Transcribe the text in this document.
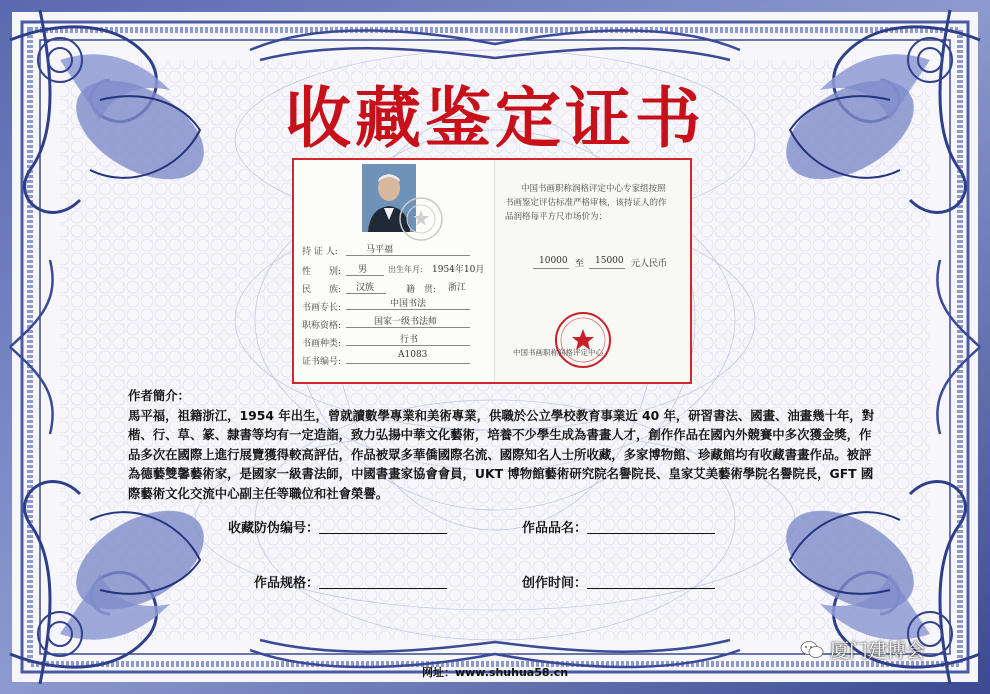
收藏鉴定证书
持 证 人:	马平福
性　　别: 男	出生年月: 1954年10月
民　　族: 汉族	籍　贯: 浙江
书画专长:	中国书法
职称资格:	国家一级书法师
书画种类:	行书
证书编号:
A1083
中国书画职称润格评定中心专家组按照
书画鉴定评估标准严格审核，该持证人的作
品润格每平方尺市场价为：
10000 至 15000 元人民币
中国书画职称润格评定中心
作者簡介：
馬平福，祖籍浙江，1954 年出生，曾就讀數學專業和美術專業，供職於公立學校教育事業近 40 年，研習書法、國畫、油畫幾十年，對楷、行、草、篆、隸書等均有一定造詣，致力弘揚中華文化藝術，培養不少學生成為書畫人才，創作作品在國內外競賽中多次獲金獎，作品多次在國際上進行展覽獲得較高評估，作品被眾多華僑國際名流、國際知名人士所收藏，多家博物館、珍藏館均有收藏書畫作品。被評為德藝雙馨藝術家，是國家一級書法師，中國書畫家協會會員，UKT 博物館藝術研究院名譽院長、皇家艾美藝術學院名譽院長，GFT 國際藝術文化交流中心副主任等職位和社會榮譽。
收藏防伪编号：	作品品名：
作品规格：	创作时间：
网址：www.shuhua58.cn
厦门建博会
